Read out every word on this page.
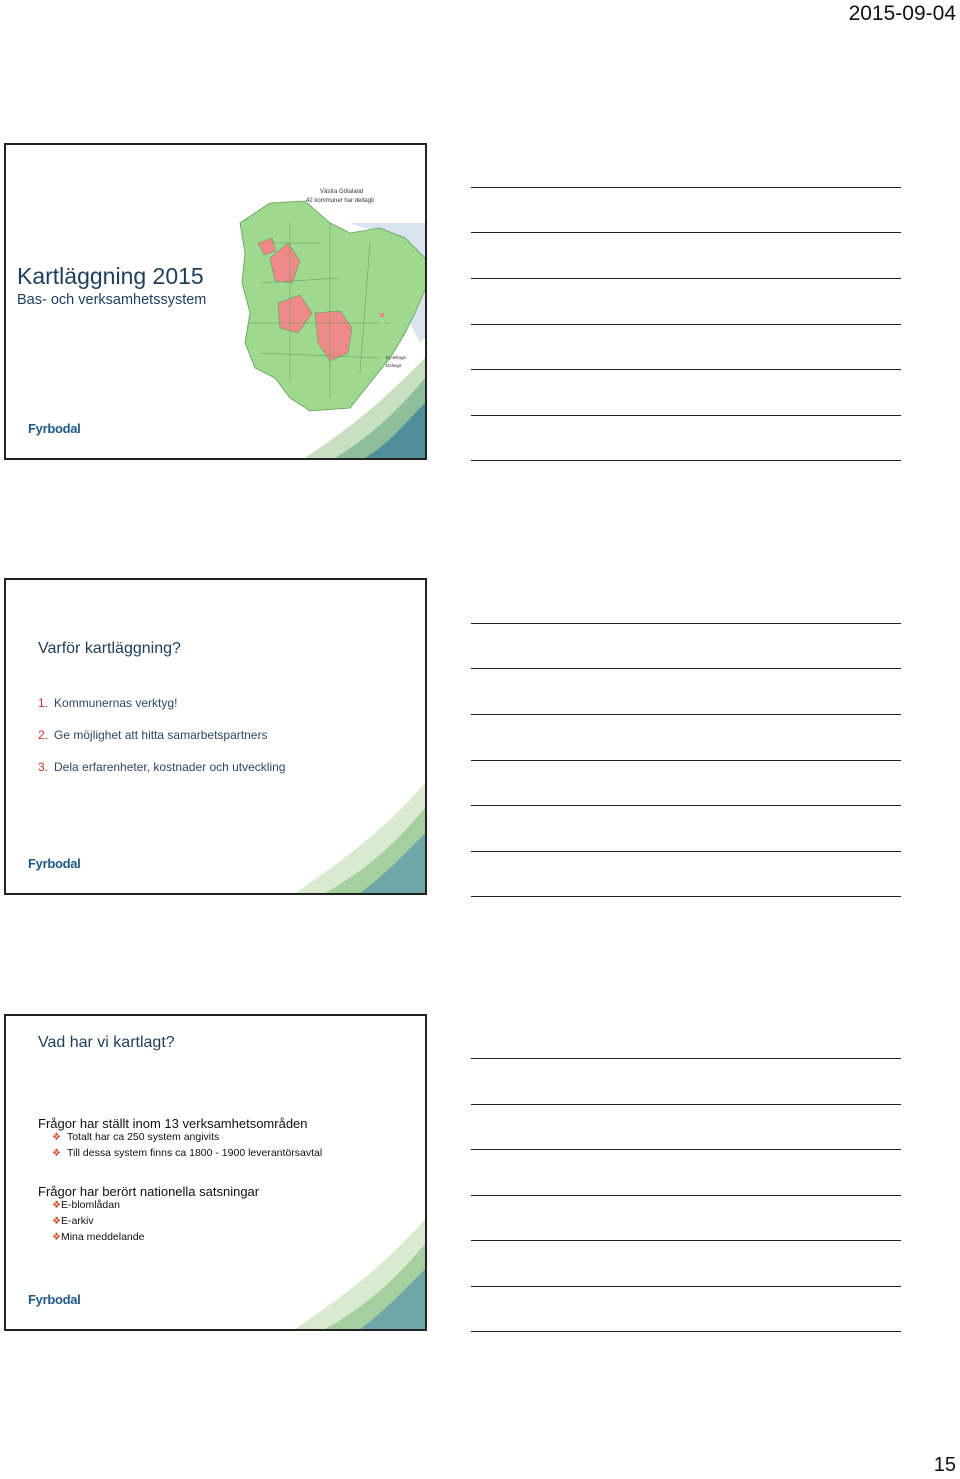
2015-09-04
Kartläggning 2015
Bas- och verksamhetssystem
Västra Götaland
42 kommuner har deltagit
Ej deltagit
Deltagit
Fyrbodal
Varför kartläggning?
1. Kommunernas verktyg!
2. Ge möjlighet att hitta samarbetspartners
3. Dela erfarenheter, kostnader och utveckling
Fyrbodal
Vad har vi kartlagt?
Frågor har ställt inom 13 verksamhetsområden
❖ Totalt har ca 250 system angivits
❖ Till dessa system finns ca 1800 - 1900 leverantörsavtal
Frågor har berört nationella satsningar
❖E-blomlådan
❖E-arkiv
❖Mina meddelande
Fyrbodal
15
